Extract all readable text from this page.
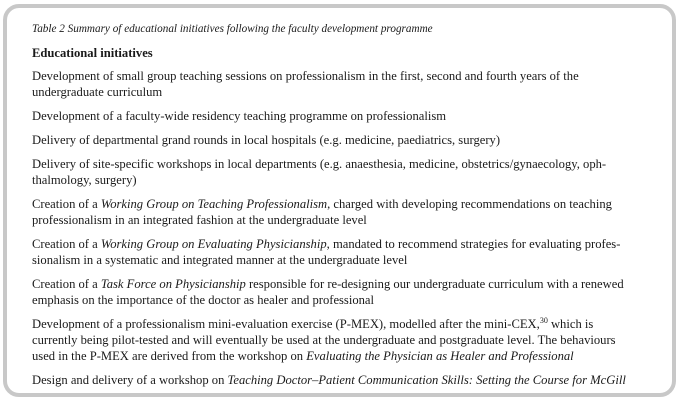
Table 2 Summary of educational initiatives following the faculty development programme
Educational initiatives
Development of small group teaching sessions on professionalism in the first, second and fourth years of the
undergraduate curriculum
Development of a faculty-wide residency teaching programme on professionalism
Delivery of departmental grand rounds in local hospitals (e.g. medicine, paediatrics, surgery)
Delivery of site-specific workshops in local departments (e.g. anaesthesia, medicine, obstetrics/gynaecology, oph-
thalmology, surgery)
Creation of a Working Group on Teaching Professionalism, charged with developing recommendations on teaching
professionalism in an integrated fashion at the undergraduate level
Creation of a Working Group on Evaluating Physicianship, mandated to recommend strategies for evaluating profes-
sionalism in a systematic and integrated manner at the undergraduate level
Creation of a Task Force on Physicianship responsible for re-designing our undergraduate curriculum with a renewed
emphasis on the importance of the doctor as healer and professional
Development of a professionalism mini-evaluation exercise (P-MEX), modelled after the mini-CEX,$^{30}$ which is
currently being pilot-tested and will eventually be used at the undergraduate and postgraduate level. The behaviours
used in the P-MEX are derived from the workshop on Evaluating the Physician as Healer and Professional
Design and delivery of a workshop on Teaching Doctor–Patient Communication Skills: Setting the Course for McGill
